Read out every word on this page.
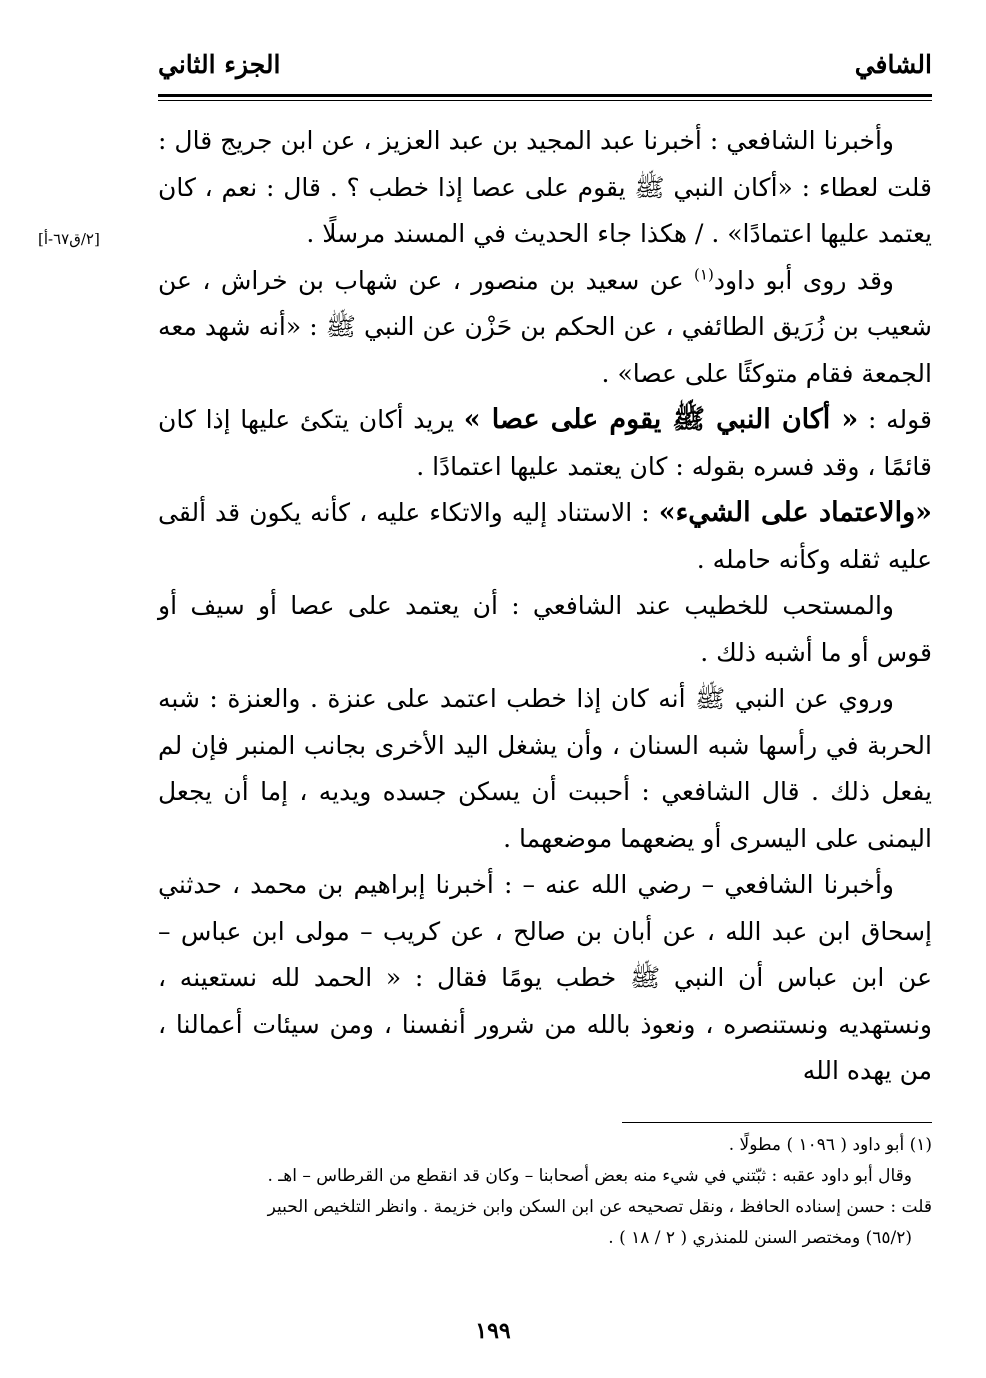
الشافي
الجزء الثاني
[٢/ق٦٧-أ]

وأخبرنا الشافعي : أخبرنا عبد المجيد بن عبد العزيز ، عن ابن جريج قال : قلت لعطاء : «أكان النبي ﷺ يقوم على عصا إذا خطب ؟ . قال : نعم ، كان يعتمد عليها اعتمادًا» . / هكذا جاء الحديث في المسند مرسلًا .

وقد روى أبو داود$^{(١)}$ عن سعيد بن منصور ، عن شهاب بن خراش ، عن شعيب بن زُرَيق الطائفي ، عن الحكم بن حَزْن عن النبي ﷺ : «أنه شهد معه الجمعة فقام متوكئًا على عصا» .

قوله : « أكان النبي ﷺ يقوم على عصا » يريد أكان يتكئ عليها إذا كان قائمًا ، وقد فسره بقوله : كان يعتمد عليها اعتمادًا .

«والاعتماد على الشيء» : الاستناد إليه والاتكاء عليه ، كأنه يكون قد ألقى عليه ثقله وكأنه حامله .

والمستحب للخطيب عند الشافعي : أن يعتمد على عصا أو سيف أو قوس أو ما أشبه ذلك .

وروي عن النبي ﷺ أنه كان إذا خطب اعتمد على عنزة . والعنزة : شبه الحربة في رأسها شبه السنان ، وأن يشغل اليد الأخرى بجانب المنبر فإن لم يفعل ذلك . قال الشافعي : أحببت أن يسكن جسده ويديه ، إما أن يجعل اليمنى على اليسرى أو يضعهما موضعهما .

وأخبرنا الشافعي – رضي الله عنه – : أخبرنا إبراهيم بن محمد ، حدثني إسحاق ابن عبد الله ، عن أبان بن صالح ، عن كريب – مولى ابن عباس – عن ابن عباس أن النبي ﷺ خطب يومًا فقال : « الحمد لله نستعينه ، ونستهديه ونستنصره ، ونعوذ بالله من شرور أنفسنا ، ومن سيئات أعمالنا ، من يهده الله

(١) أبو داود ( ١٠٩٦ ) مطولًا .

وقال أبو داود عقبه : ثبّتني في شيء منه بعض أصحابنا – وكان قد انقطع من القرطاس – اهـ .

قلت : حسن إسناده الحافظ ، ونقل تصحيحه عن ابن السكن وابن خزيمة . وانظر التلخيص الحبير

(٦٥/٢) ومختصر السنن للمنذري ( ٢ / ١٨ ) .

١٩٩
